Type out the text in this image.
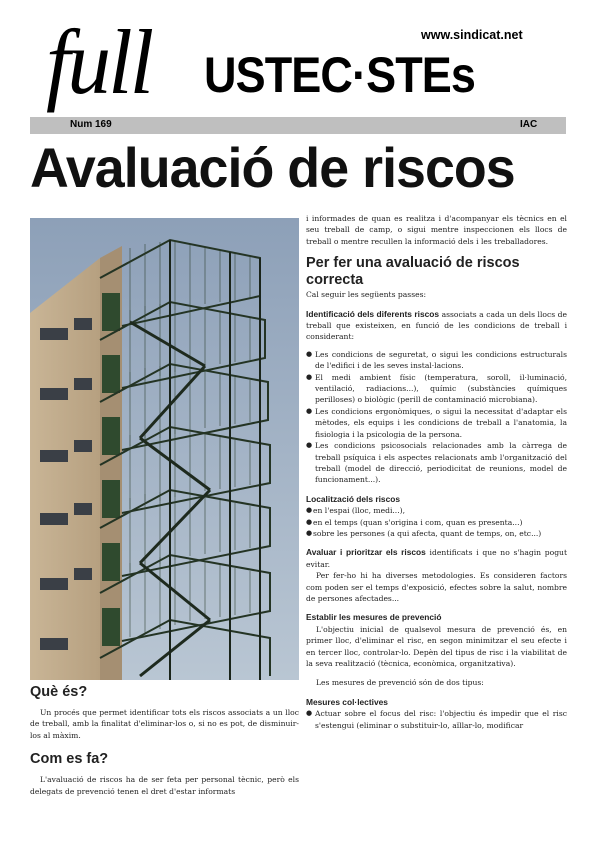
full	www.sindicat.net
USTEC·STEs
Num 169	IAC
Avaluació de riscos
Què és?

Un procés que permet identificar tots els riscos associats a un lloc de treball, amb la finalitat d'eliminar-los o, si no es pot, de disminuir-los al màxim.

Com es fa?

L'avaluació de riscos ha de ser feta per personal tècnic, però els delegats de prevenció tenen el dret d'estar informats

i informades de quan es realitza i d'acompanyar els tècnics en el seu treball de camp, o sigui mentre inspeccionen els llocs de treball o mentre recullen la informació dels i les treballadores.

Per fer una avaluació de riscos correcta

Cal seguir les següents passes:

Identificació dels diferents riscos associats a cada un dels llocs de treball que existeixen, en funció de les condicions de treball i considerant:

● Les condicions de seguretat, o sigui les condicions estructurals de l'edifici i de les seves instal·lacions.
● El medi ambient físic (temperatura, soroll, il·luminació, ventilació, radiacions...), químic (substàncies químiques perilloses) o biològic (perill de contaminació microbiana).
● Les condicions ergonòmiques, o sigui la necessitat d'adaptar els mètodes, els equips i les condicions de treball a l'anatomia, la fisiologia i la psicologia de la persona.
● Les condicions psicosocials relacionades amb la càrrega de treball psíquica i els aspectes relacionats amb l'organització del treball (model de direcció, periodicitat de reunions, model de funcionament...).

Localització dels riscos

● en l'espai (lloc, medi...),
● en el temps (quan s'origina i com, quan es presenta...)
● sobre les persones (a qui afecta, quant de temps, on, etc...)

Avaluar i prioritzar els riscos identificats i que no s'hagin pogut evitar.

Per fer-ho hi ha diverses metodologies. Es consideren factors com poden ser el temps d'exposició, efectes sobre la salut, nombre de persones afectades...

Establir les mesures de prevenció

L'objectiu inicial de qualsevol mesura de prevenció és, en primer lloc, d'eliminar el risc, en segon minimitzar el seu efecte i en tercer lloc, controlar-lo. Depèn del tipus de risc i la viabilitat de la seva realització (tècnica, econòmica, organitzativa).

Les mesures de prevenció són de dos tipus:

Mesures col·lectives

● Actuar sobre el focus del risc: l'objectiu és impedir que el risc s'estengui (eliminar o substituir-lo, aïllar-lo, modificar
